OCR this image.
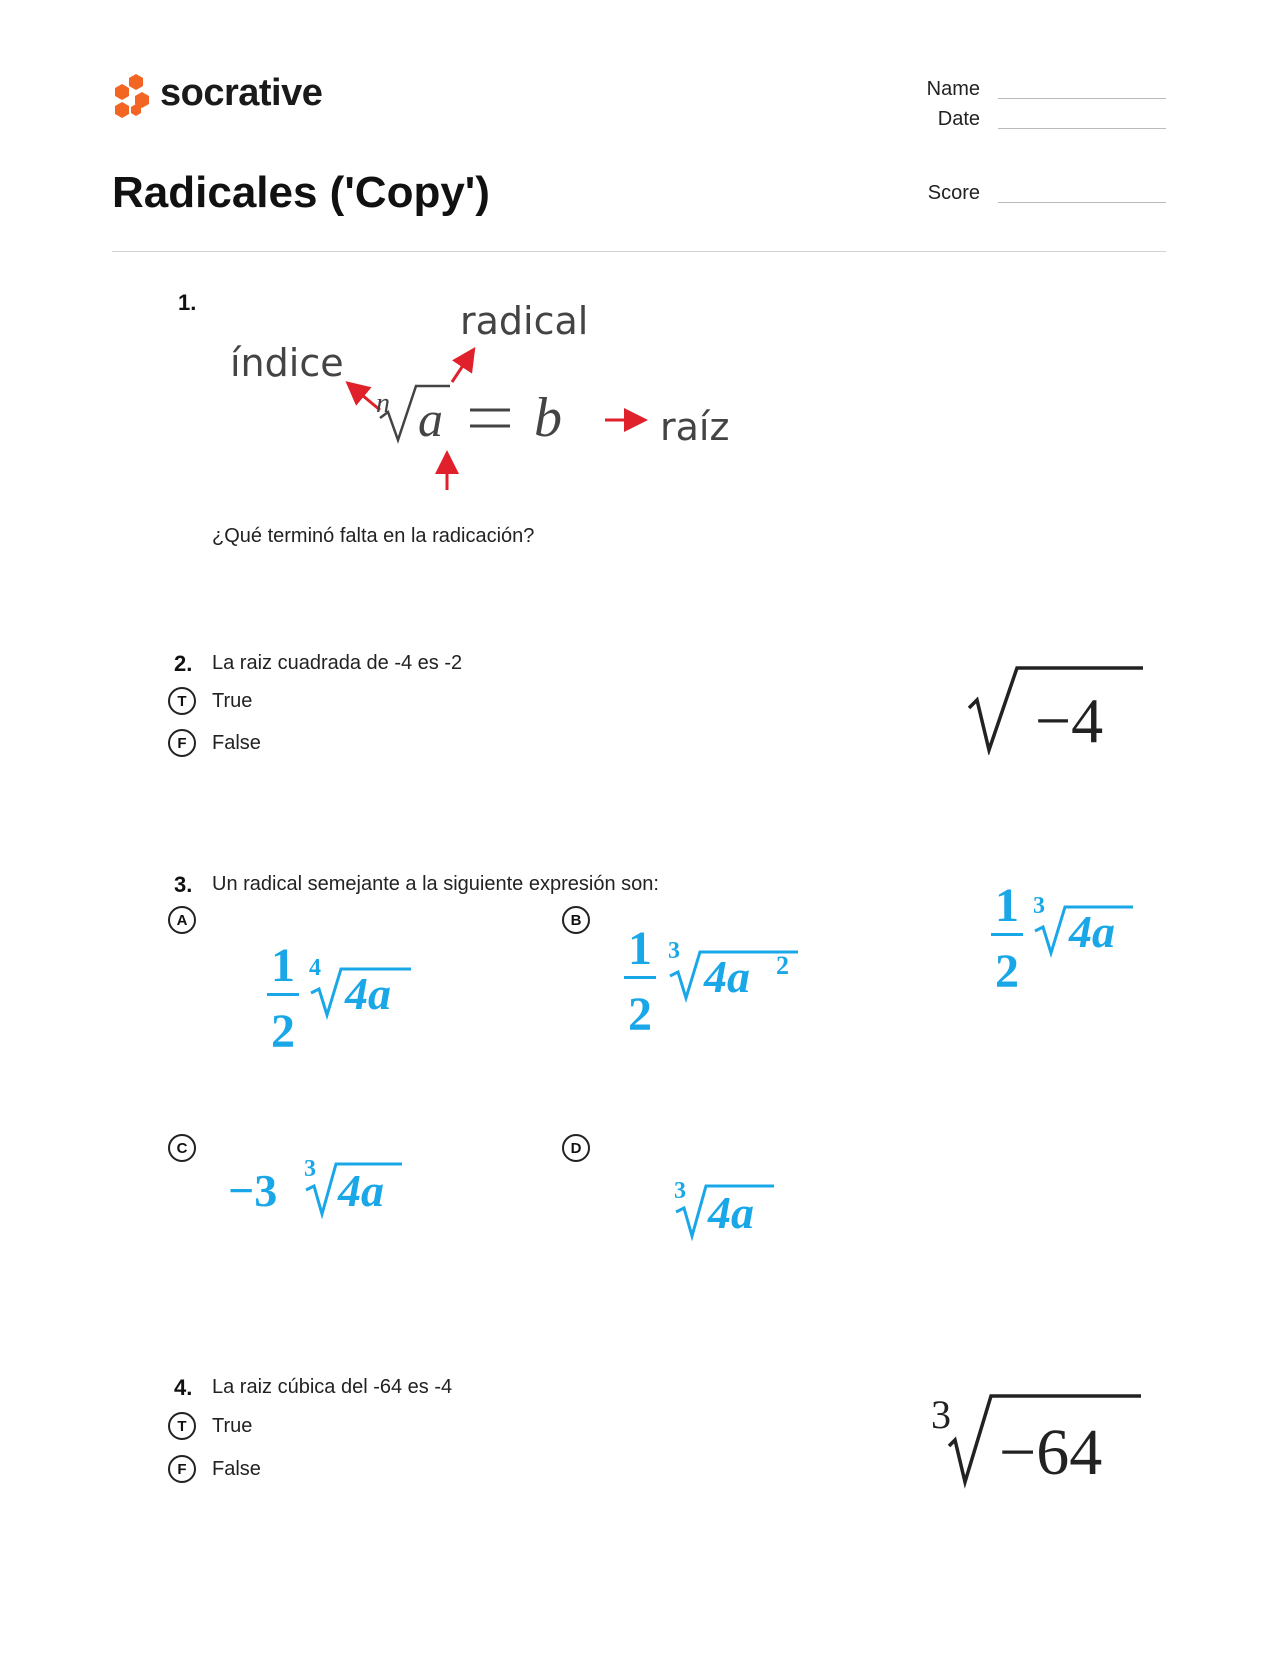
socrative
Radicales ('Copy')
Name
Date
Score
1.	radical
índice
raíz
n a b
¿Qué terminó falta en la radicación?
2. La raiz cuadrada de -4 es -2
T True
F False	−4
3. Un radical semejante a la siguiente expresión son:	1
2
3 4a
A
1
2
4 4a
B
1
2
3 4a 2
C
−3 3 4a
D
3 4a
4. La raiz cúbica del -64 es -4
T True
F False
3
−64
